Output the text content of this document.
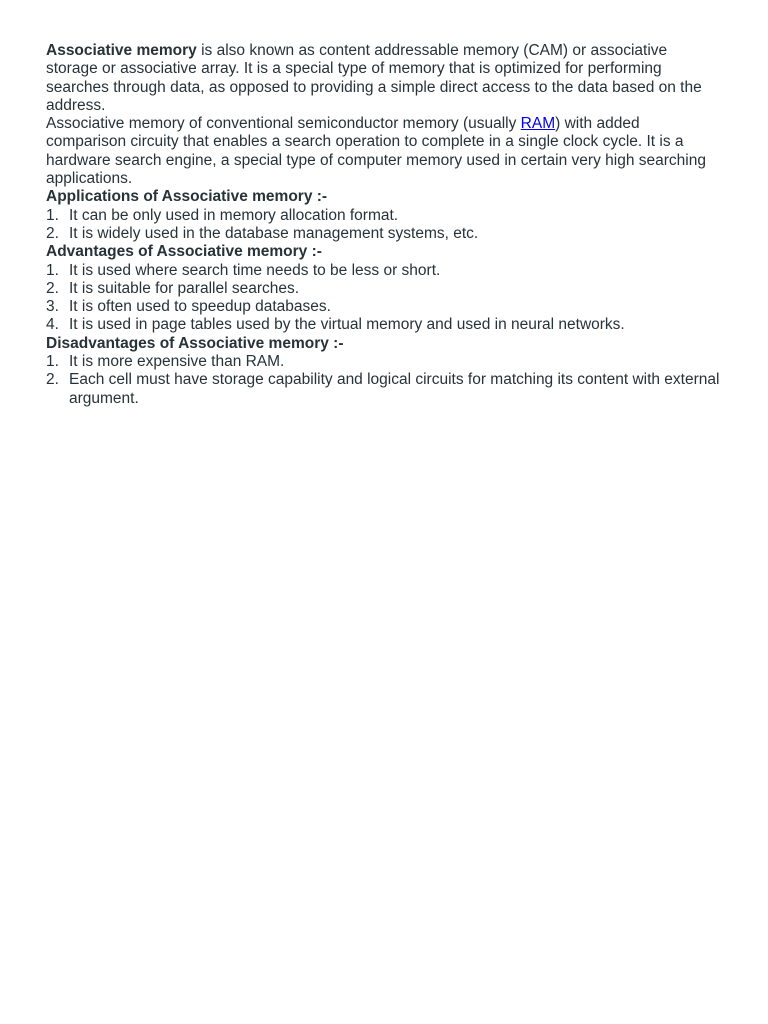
Associative memory is also known as content addressable memory (CAM) or associative storage or associative array. It is a special type of memory that is optimized for performing searches through data, as opposed to providing a simple direct access to the data based on the address.

Associative memory of conventional semiconductor memory (usually RAM) with added comparison circuity that enables a search operation to complete in a single clock cycle. It is a hardware search engine, a special type of computer memory used in certain very high searching applications.

Applications of Associative memory :-

1. It can be only used in memory allocation format.
2. It is widely used in the database management systems, etc.

Advantages of Associative memory :-

1. It is used where search time needs to be less or short.
2. It is suitable for parallel searches.
3. It is often used to speedup databases.
4. It is used in page tables used by the virtual memory and used in neural networks.

Disadvantages of Associative memory :-

1. It is more expensive than RAM.
2. Each cell must have storage capability and logical circuits for matching its content with external argument.
